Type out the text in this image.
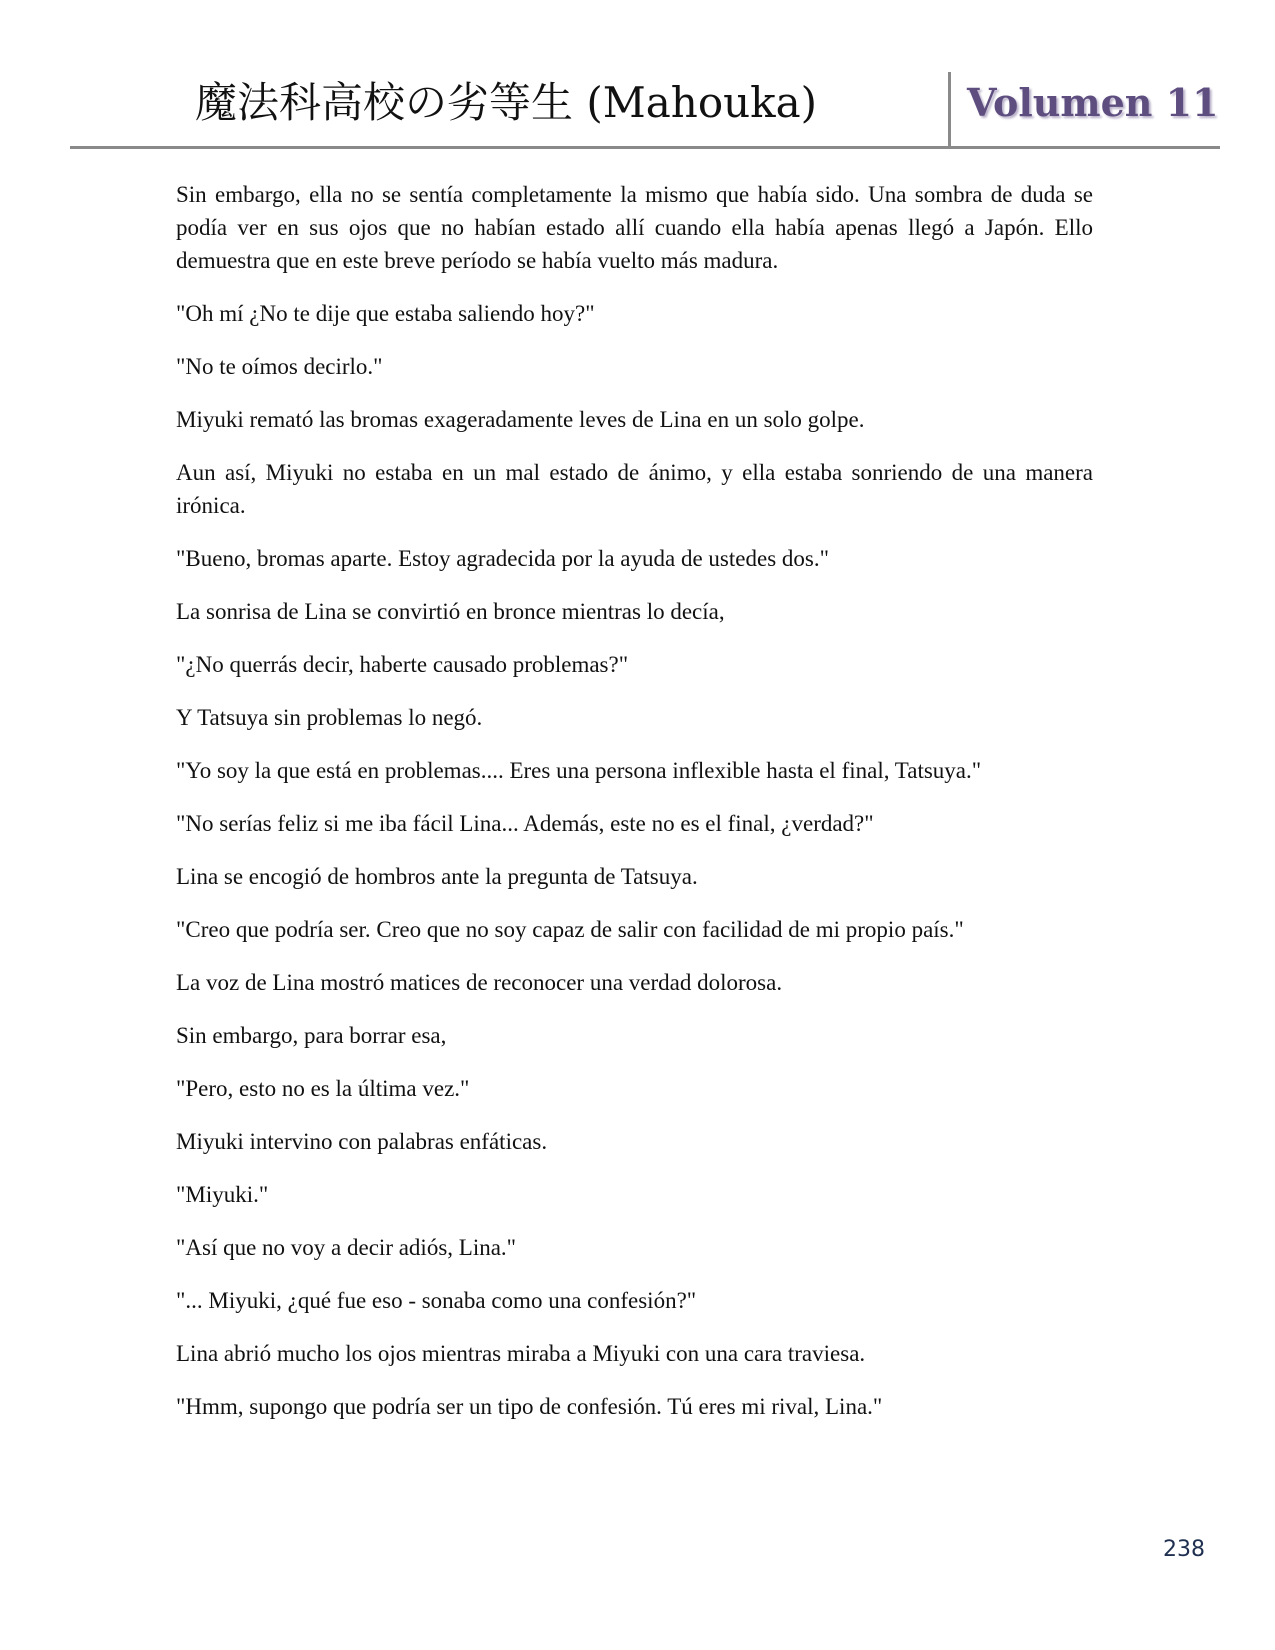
魔法科高校の劣等生 (Mahouka)	Volumen 11

Sin embargo, ella no se sentía completamente la mismo que había sido. Una sombra de duda se podía ver en sus ojos que no habían estado allí cuando ella había apenas llegó a Japón. Ello demuestra que en este breve período se había vuelto más madura.

"Oh mí ¿No te dije que estaba saliendo hoy?"

"No te oímos decirlo."

Miyuki remató las bromas exageradamente leves de Lina en un solo golpe.

Aun así, Miyuki no estaba en un mal estado de ánimo, y ella estaba sonriendo de una manera irónica.

"Bueno, bromas aparte. Estoy agradecida por la ayuda de ustedes dos."

La sonrisa de Lina se convirtió en bronce mientras lo decía,

"¿No querrás decir, haberte causado problemas?"

Y Tatsuya sin problemas lo negó.

"Yo soy la que está en problemas.... Eres una persona inflexible hasta el final, Tatsuya."

"No serías feliz si me iba fácil Lina... Además, este no es el final, ¿verdad?"

Lina se encogió de hombros ante la pregunta de Tatsuya.

"Creo que podría ser. Creo que no soy capaz de salir con facilidad de mi propio país."

La voz de Lina mostró matices de reconocer una verdad dolorosa.

Sin embargo, para borrar esa,

"Pero, esto no es la última vez."

Miyuki intervino con palabras enfáticas.

"Miyuki."

"Así que no voy a decir adiós, Lina."

"... Miyuki, ¿qué fue eso - sonaba como una confesión?"

Lina abrió mucho los ojos mientras miraba a Miyuki con una cara traviesa.

"Hmm, supongo que podría ser un tipo de confesión. Tú eres mi rival, Lina."

238
